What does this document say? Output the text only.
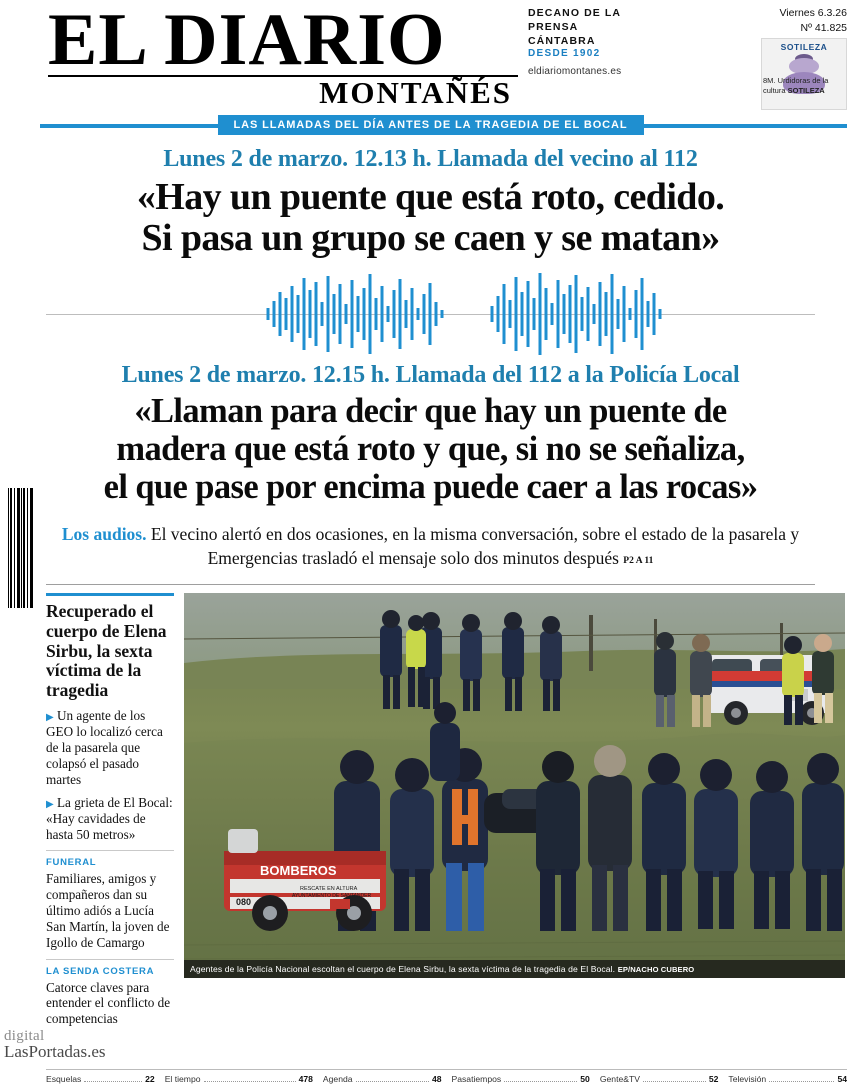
EL DIARIO
MONTAÑÉS
DECANO DE LA PRENSA CÁNTABRA
DESDE 1902
eldiariomontanes.es
Viernes 6.3.26
Nº 41.825
SOTILEZA
8M. Urdidoras de la cultura SOTILEZA
LAS LLAMADAS DEL DÍA ANTES DE LA TRAGEDIA DE EL BOCAL
Lunes 2 de marzo. 12.13 h. Llamada del vecino al 112
«Hay un puente que está roto, cedido.
Si pasa un grupo se caen y se matan»
Lunes 2 de marzo. 12.15 h. Llamada del 112 a la Policía Local
«Llaman para decir que hay un puente de
madera que está roto y que, si no se señaliza,
el que pase por encima puede caer a las rocas»
Los audios. El vecino alertó en dos ocasiones, en la misma conversación, sobre el estado de la pasarela y Emergencias trasladó el mensaje solo dos minutos después P2 A 11
Recuperado el cuerpo de Elena Sirbu, la sexta víctima de la tragedia
▶ Un agente de los GEO lo localizó cerca de la pasarela que colapsó el pasado martes
▶ La grieta de El Bocal: «Hay cavidades de hasta 50 metros»
FUNERAL
Familiares, amigos y compañeros dan su último adiós a Lucía San Martín, la joven de Igollo de Camargo
LA SENDA COSTERA
Catorce claves para entender el conflicto de competencias
BOMBEROS
RESCATE EN ALTURA
AYUNTAMIENTO DE SANTANDER
080
Agentes de la Policía Nacional escoltan el cuerpo de Elena Sirbu, la sexta víctima de la tragedia de El Bocal. EP/NACHO CUBERO
Esquelas	22 El tiempo	478 Agenda	48 Pasatiempos	50 Gente&TV	52 Televisión	54
digital
LasPortadas.es
